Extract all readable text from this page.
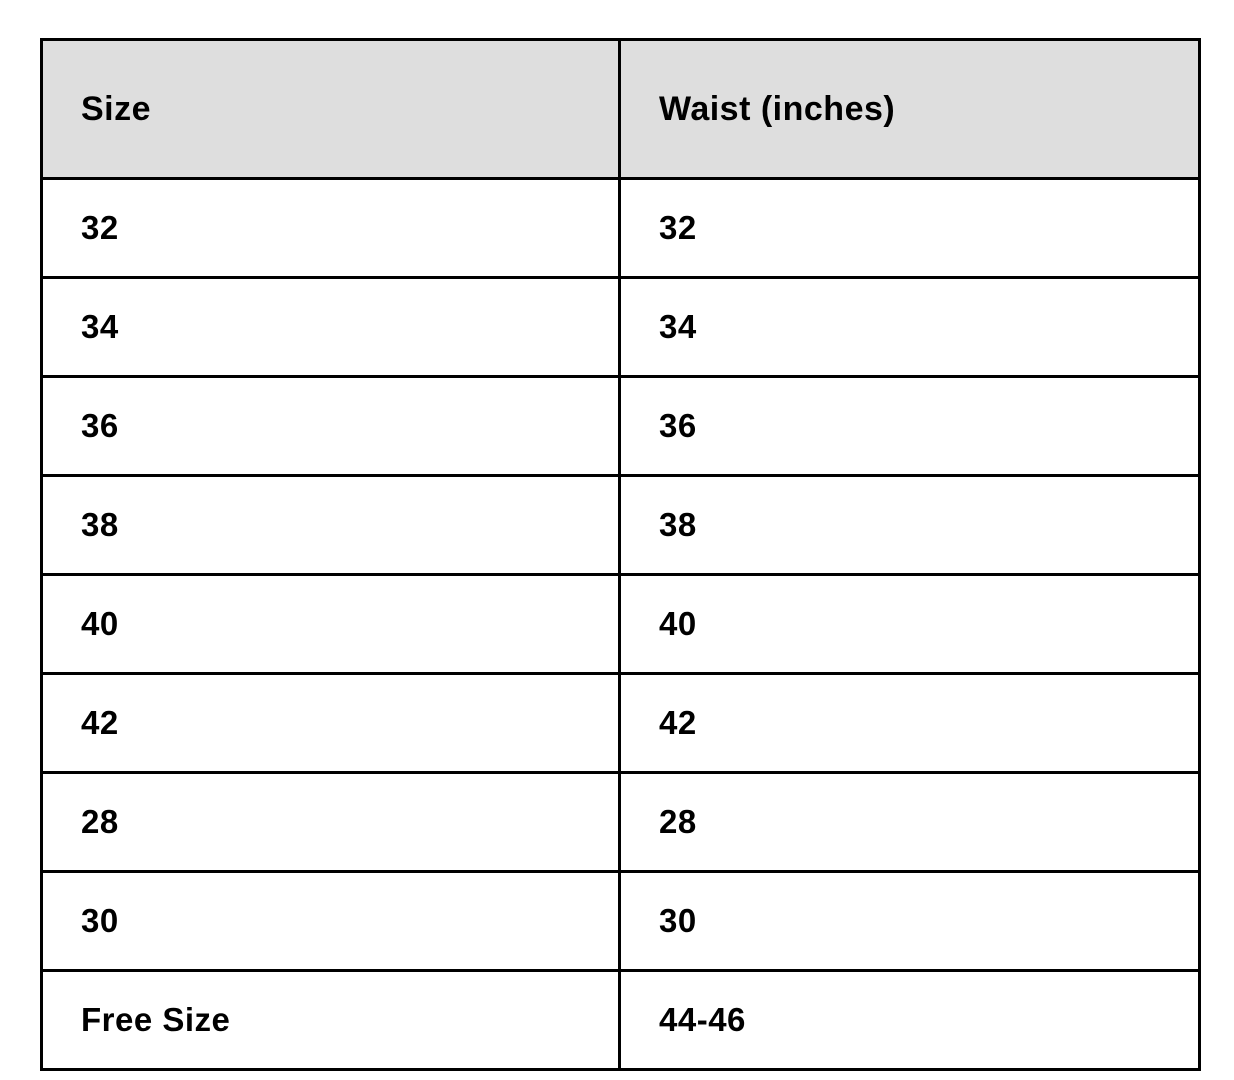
Size	Waist (inches)
32	32
34	34
36	36
38	38
40	40
42	42
28	28
30	30
Free Size	44-46
